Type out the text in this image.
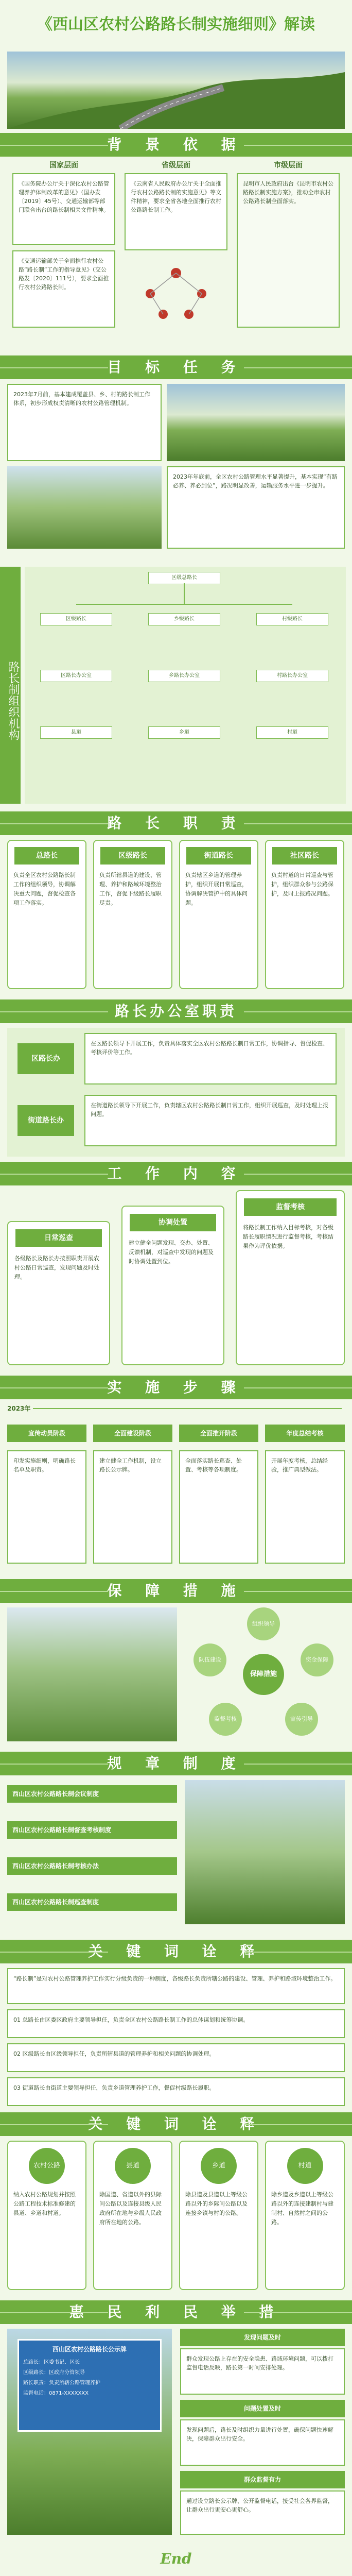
《西山区农村公路路长制实施细则》解读
背 景 依 据
国家层面	省级层面	市级层面
《国务院办公厅关于深化农村公路管理养护体制改革的意见》（国办发〔2019〕45号）、交通运输部等部门联合出台的路长制相关文件精神。
《交通运输部关于全面推行农村公路“路长制”工作的指导意见》（交公路发〔2020〕111号），要求全面推行农村公路路长制。
《云南省人民政府办公厅关于全面推行农村公路路长制的实施意见》等文件精神，要求全省各地全面推行农村公路路长制工作。
昆明市人民政府出台《昆明市农村公路路长制实施方案》，推动全市农村公路路长制全面落实。
目 标 任 务
2023年7月前，基本建成覆盖县、乡、村的路长制工作体系，初步形成权责清晰的农村公路管理机制。
2023年年底前，全区农村公路管理水平显著提升，基本实现“有路必养、养必到位”，路况明显改善，运输服务水平进一步提升。
路长制组织机构
区级总路长
区级路长	乡级路长	村级路长
区路长办公室	乡路长办公室	村路长办公室
县道	乡道	村道
路 长 职 责
总路长
负责全区农村公路路长制工作的组织领导，协调解决重大问题，督促检查各项工作落实。
区级路长
负责所辖县道的建设、管理、养护和路域环境整治工作，督促下级路长履职尽责。
街道路长
负责辖区乡道的管理养护，组织开展日常巡查，协调解决管护中的具体问题。
社区路长
负责村道的日常巡查与管护，组织群众参与公路保护，及时上报路况问题。
路长办公室职责
区路长办
在区路长领导下开展工作，负责具体落实全区农村公路路长制日常工作，协调指导、督促检查、考核评价等工作。
街道路长办
在街道路长领导下开展工作，负责辖区农村公路路长制日常工作，组织开展巡查，及时处理上报问题。
工 作 内 容
日常巡查
各级路长及路长办按照职责开展农村公路日常巡查，发现问题及时处理。
协调处置
建立健全问题发现、交办、处置、反馈机制，对巡查中发现的问题及时协调处置到位。
监督考核
将路长制工作纳入目标考核，对各级路长履职情况进行监督考核，考核结果作为评优依据。
实 施 步 骤
2023年
宣传动员阶段	全面建设阶段	全面推开阶段	年度总结考核
印发实施细则，明确路长名单及职责。
建立健全工作机制，设立路长公示牌。
全面落实路长巡查、处置、考核等各项制度。
开展年度考核，总结经验，推广典型做法。
保 障 措 施
保障措施
组织领导
资金保障
宣传引导
监督考核
队伍建设
规 章 制 度
西山区农村公路路长制会议制度
西山区农村公路路长制督查考核制度
西山区农村公路路长制考核办法
西山区农村公路路长制巡查制度
关 键 词 诠 释
“路长制”是对农村公路管理养护工作实行分级负责的一种制度，各级路长负责所辖公路的建设、管理、养护和路域环境整治工作。
01 总路长由区委区政府主要领导担任，负责全区农村公路路长制工作的总体谋划和统筹协调。
02 区级路长由区级领导担任，负责所辖县道的管理养护和相关问题的协调处理。
03 街道路长由街道主要领导担任，负责乡道管理养护工作，督促村级路长履职。
关 键 词 诠 释
农村公路
纳入农村公路规划并按照公路工程技术标准修建的县道、乡道和村道。
县道
除国道、省道以外的县际间公路以及连接县级人民政府所在地与乡级人民政府所在地的公路。
乡道
除县道及县道以上等级公路以外的乡际间公路以及连接乡镇与村的公路。
村道
除乡道及乡道以上等级公路以外的连接建制村与建制村、自然村之间的公路。
惠 民 利 民 举 措
西山区农村公路路长公示牌
总路长：区委书记、区长
区级路长：区政府分管领导
路长职责：负责所辖公路管理养护
监督电话：0871-XXXXXXX
发现问题及时
群众发现公路上存在的安全隐患、路域环境问题，可以拨打监督电话反映，路长第一时间安排处理。
问题处置及时
发现问题后，路长及时组织力量进行处置，确保问题快速解决，保障群众出行安全。
群众监督有力
通过设立路长公示牌、公开监督电话，接受社会各界监督，让群众出行更安心更舒心。
End
